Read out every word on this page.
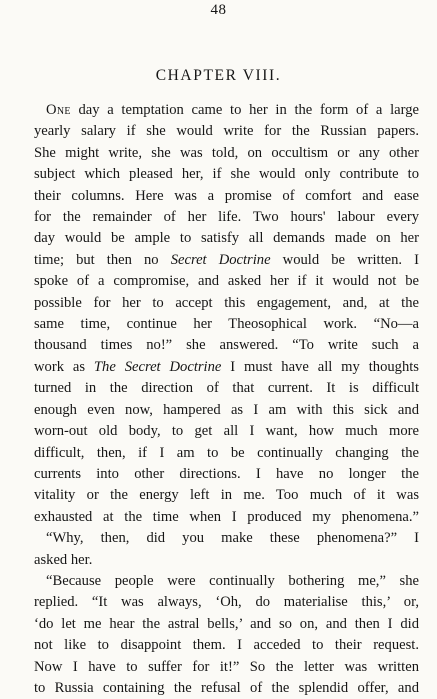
48
CHAPTER VIII.
One day a temptation came to her in the form of a large
yearly salary if she would write for the Russian papers.
She might write, she was told, on occultism or any other
subject which pleased her, if she would only contribute to
their columns. Here was a promise of comfort and ease
for the remainder of her life. Two hours' labour every
day would be ample to satisfy all demands made on her
time; but then no Secret Doctrine would be written. I
spoke of a compromise, and asked her if it would not be
possible for her to accept this engagement, and, at the
same time, continue her Theosophical work. “No—a
thousand times no!” she answered. “To write such a
work as The Secret Doctrine I must have all my thoughts
turned in the direction of that current. It is difficult
enough even now, hampered as I am with this sick and
worn-out old body, to get all I want, how much more
difficult, then, if I am to be continually changing the
currents into other directions. I have no longer the
vitality or the energy left in me. Too much of it was
exhausted at the time when I produced my phenomena.”
“Why, then, did you make these phenomena?” I
asked her.
“Because people were continually bothering me,” she
replied. “It was always, ‘Oh, do materialise this,’ or,
‘do let me hear the astral bells,’ and so on, and then I did
not like to disappoint them. I acceded to their request.
Now I have to suffer for it!” So the letter was written
to Russia containing the refusal of the splendid offer, and
